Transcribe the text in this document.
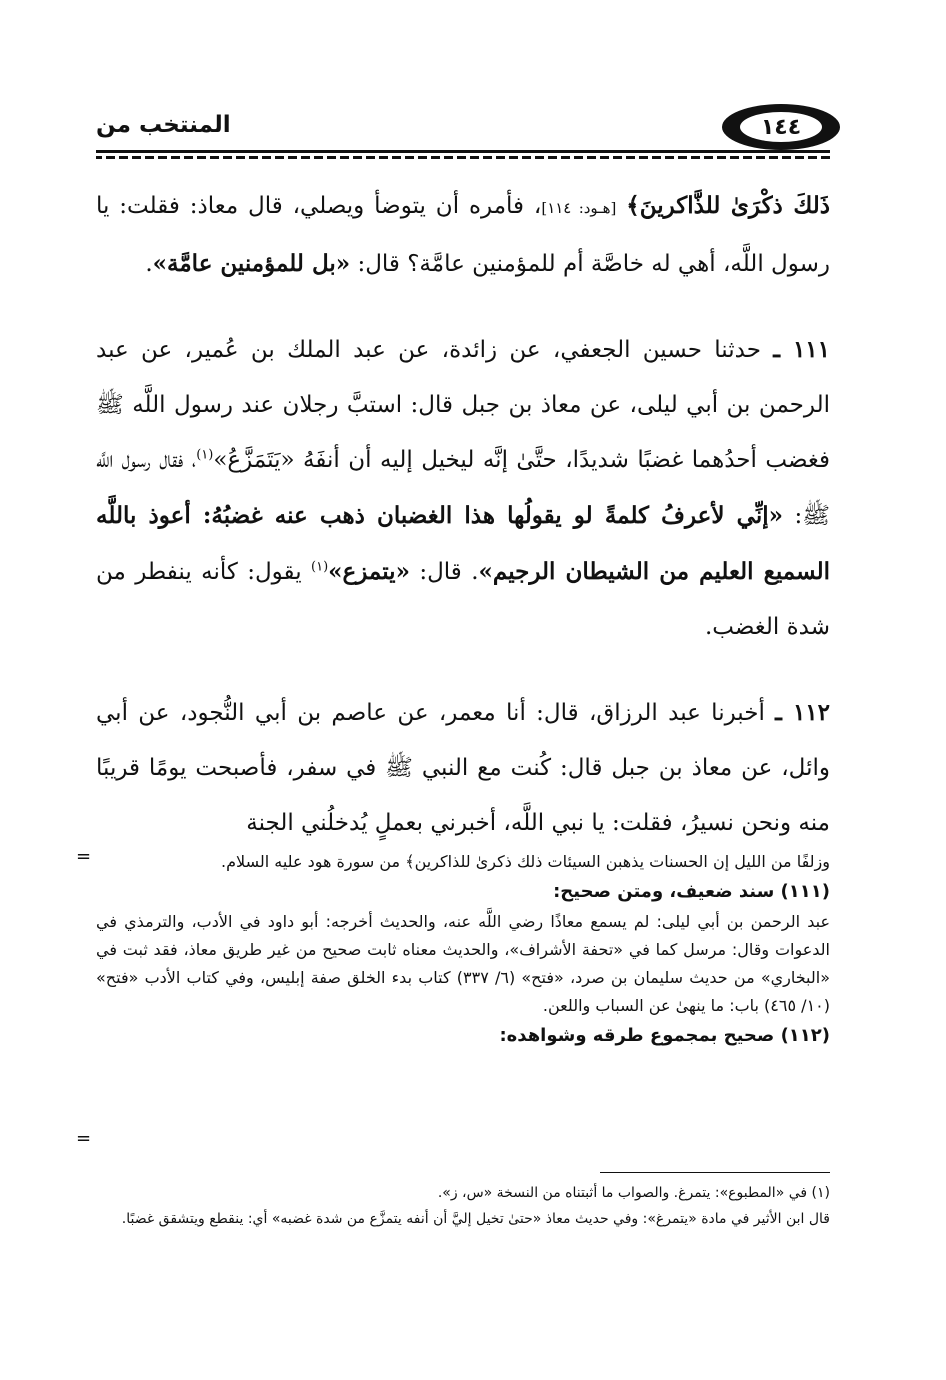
١٤٤
المنتخب من

ذَلكَ ذكْرَىٰ للذَّاكرينَ﴾ [هـود: ١١٤]، فأمره أن يتوضأ ويصلي، قال معاذ: فقلت: يا رسول اللَّه، أهي له خاصَّة أم للمؤمنين عامَّة؟ قال: «بل للمؤمنين عامَّة».

١١١ ـ حدثنا حسين الجعفي، عن زائدة، عن عبد الملك بن عُمير، عن عبد الرحمن بن أبي ليلى، عن معاذ بن جبل قال: استبَّ رجلان عند رسول اللَّه ﷺ فغضب أحدُهما غضبًا شديدًا، حتَّىٰ إنَّه ليخيل إليه أن أنفَهُ «يَتَمَزَّعُ»$^{(١)}$، فقال رسول اللَّه ﷺ: «إنِّي لأعرفُ كلمةً لو يقولُها هذا الغضبان ذهب عنه غضبُهُ: أعوذ باللَّه السميع العليم من الشيطان الرجيم». قال: «يتمزع»$^{(١)}$ يقول: كأنه ينفطر من شدة الغضب.

١١٢ ـ أخبرنا عبد الرزاق، قال: أنا معمر، عن عاصم بن أبي النُّجود، عن أبي وائل، عن معاذ بن جبل قال: كُنت مع النبي ﷺ في سفر، فأصبحت يومًا قريبًا منه ونحن نسيرُ، فقلت: يا نبي اللَّه، أخبرني بعملٍ يُدخلُني الجنة

=	وزلفًا من الليل إن الحسنات يذهبن السيئات ذلك ذكرىٰ للذاكرين﴾ من سورة هود عليه السلام.

(١١١) سند ضعيف، ومتن صحيح:

عبد الرحمن بن أبي ليلى: لم يسمع معاذًا رضي اللَّه عنه، والحديث أخرجه: أبو داود في الأدب، والترمذي في الدعوات وقال: مرسل كما في «تحفة الأشراف»، والحديث معناه ثابت صحيح من غير طريق معاذ، فقد ثبت في «البخاري» من حديث سليمان بن صرد، «فتح» (٦/ ٣٣٧) كتاب بدء الخلق صفة إبليس، وفي كتاب الأدب «فتح» (١٠/ ٤٦٥) باب: ما ينهىٰ عن السباب واللعن.

(١١٢) صحيح بمجموع طرقه وشواهده:

=

(١) في «المطبوع»: يتمرغ. والصواب ما أثبتناه من النسخة «س، ز».

قال ابن الأثير في مادة «يتمرغ»: وفي حديث معاذ «حتىٰ تخيل إليَّ أن أنفه يتمزَّع من شدة غضبه» أي: ينقطع ويتشقق غضبًا.
